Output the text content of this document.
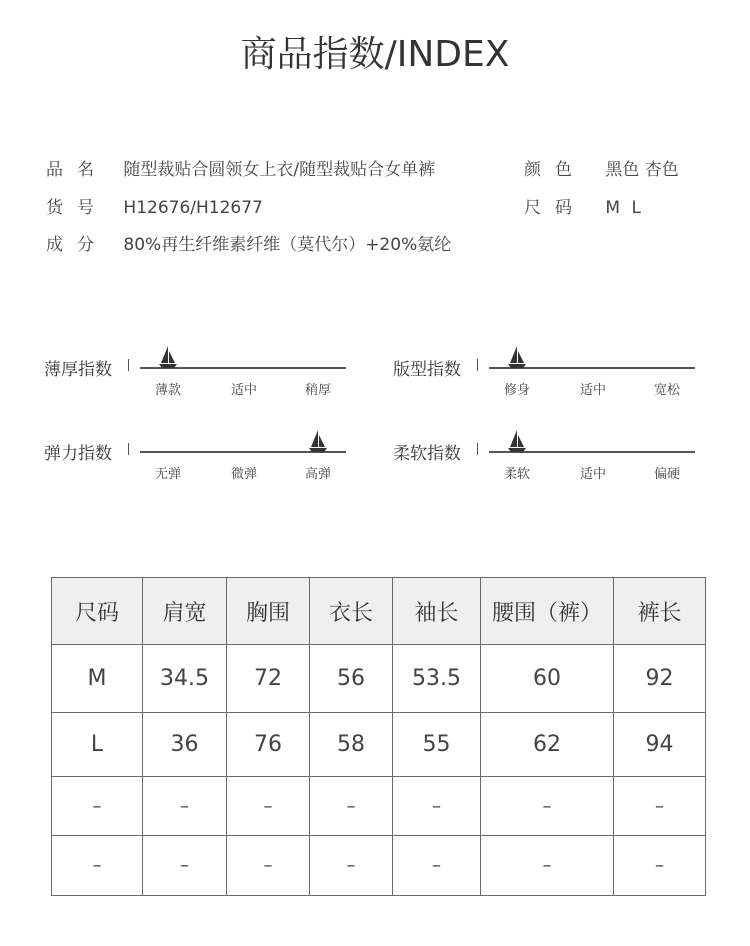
商品指数/INDEX
品名 随型裁贴合圆领女上衣/随型裁贴合女单裤	颜色 黑色 杏色
货号 H12676/H12677	尺码 M L
成分 80%再生纤维素纤维（莫代尔）+20%氨纶
薄厚指数
薄款	适中	稍厚
版型指数
修身	适中	宽松
弹力指数
无弹	微弹	高弹
柔软指数
柔软	适中	偏硬
尺码	肩宽	胸围	衣长	袖长	腰围（裤）	裤长
M	34.5	72	56	53.5	60	92
L	36	76	58	55	62	94
–	–	–	–	–	–	–
–	–	–	–	–	–	–
